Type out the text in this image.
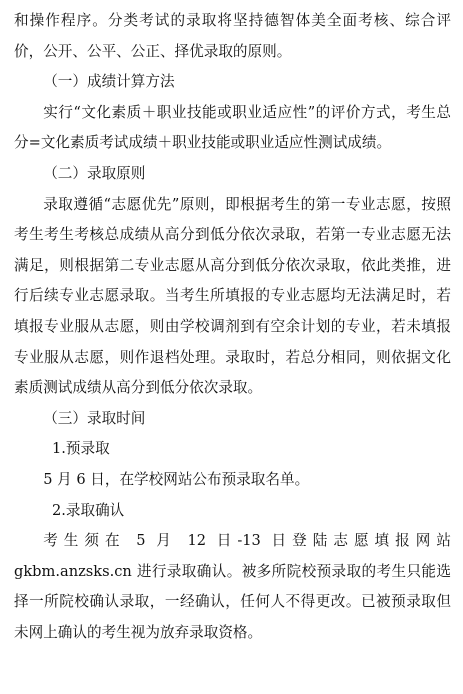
和操作程序。分类考试的录取将坚持德智体美全面考核、综合评价，公开、公平、公正、择优录取的原则。

（一）成绩计算方法

实行“文化素质＋职业技能或职业适应性”的评价方式，考生总分=文化素质考试成绩＋职业技能或职业适应性测试成绩。

（二）录取原则

录取遵循“志愿优先”原则，即根据考生的第一专业志愿，按照考生考生考核总成绩从高分到低分依次录取，若第一专业志愿无法满足，则根据第二专业志愿从高分到低分依次录取，依此类推，进行后续专业志愿录取。当考生所填报的专业志愿均无法满足时，若填报专业服从志愿，则由学校调剂到有空余计划的专业，若未填报专业服从志愿，则作退档处理。录取时，若总分相同，则依据文化素质测试成绩从高分到低分依次录取。

（三）录取时间

1.预录取

5 月 6 日，在学校网站公布预录取名单。

2.录取确认

考生须在 5 月 12 日-13 日登陆志愿填报网站 gkbm.anzsks.cn 进行录取确认。被多所院校预录取的考生只能选择一所院校确认录取，一经确认，任何人不得更改。已被预录取但未网上确认的考生视为放弃录取资格。
